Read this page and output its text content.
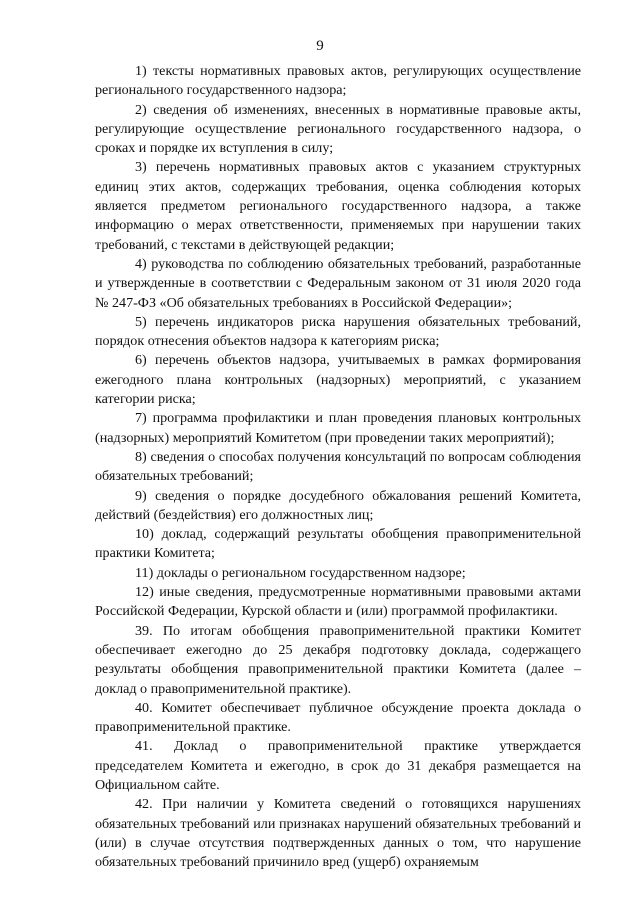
9

1) тексты нормативных правовых актов, регулирующих осуществление регионального государственного надзора;

2) сведения об изменениях, внесенных в нормативные правовые акты, регулирующие осуществление регионального государственного надзора, о сроках и порядке их вступления в силу;

3) перечень нормативных правовых актов с указанием структурных единиц этих актов, содержащих требования, оценка соблюдения которых является предметом регионального государственного надзора, а также информацию о мерах ответственности, применяемых при нарушении таких требований, с текстами в действующей редакции;

4) руководства по соблюдению обязательных требований, разработанные и утвержденные в соответствии с Федеральным законом от 31 июля 2020 года № 247-ФЗ «Об обязательных требованиях в Российской Федерации»;

5) перечень индикаторов риска нарушения обязательных требований, порядок отнесения объектов надзора к категориям риска;

6) перечень объектов надзора, учитываемых в рамках формирования ежегодного плана контрольных (надзорных) мероприятий, с указанием категории риска;

7) программа профилактики и план проведения плановых контрольных (надзорных) мероприятий Комитетом (при проведении таких мероприятий);

8) сведения о способах получения консультаций по вопросам соблюдения обязательных требований;

9) сведения о порядке досудебного обжалования решений Комитета, действий (бездействия) его должностных лиц;

10) доклад, содержащий результаты обобщения правоприменительной практики Комитета;

11) доклады о региональном государственном надзоре;

12) иные сведения, предусмотренные нормативными правовыми актами Российской Федерации, Курской области и (или) программой профилактики.

39. По итогам обобщения правоприменительной практики Комитет обеспечивает ежегодно до 25 декабря подготовку доклада, содержащего результаты обобщения правоприменительной практики Комитета (далее – доклад о правоприменительной практике).

40. Комитет обеспечивает публичное обсуждение проекта доклада о правоприменительной практике.

41. Доклад о правоприменительной практике утверждается председателем Комитета и ежегодно, в срок до 31 декабря размещается на Официальном сайте.

42. При наличии у Комитета сведений о готовящихся нарушениях обязательных требований или признаках нарушений обязательных требований и (или) в случае отсутствия подтвержденных данных о том, что нарушение обязательных требований причинило вред (ущерб) охраняемым
